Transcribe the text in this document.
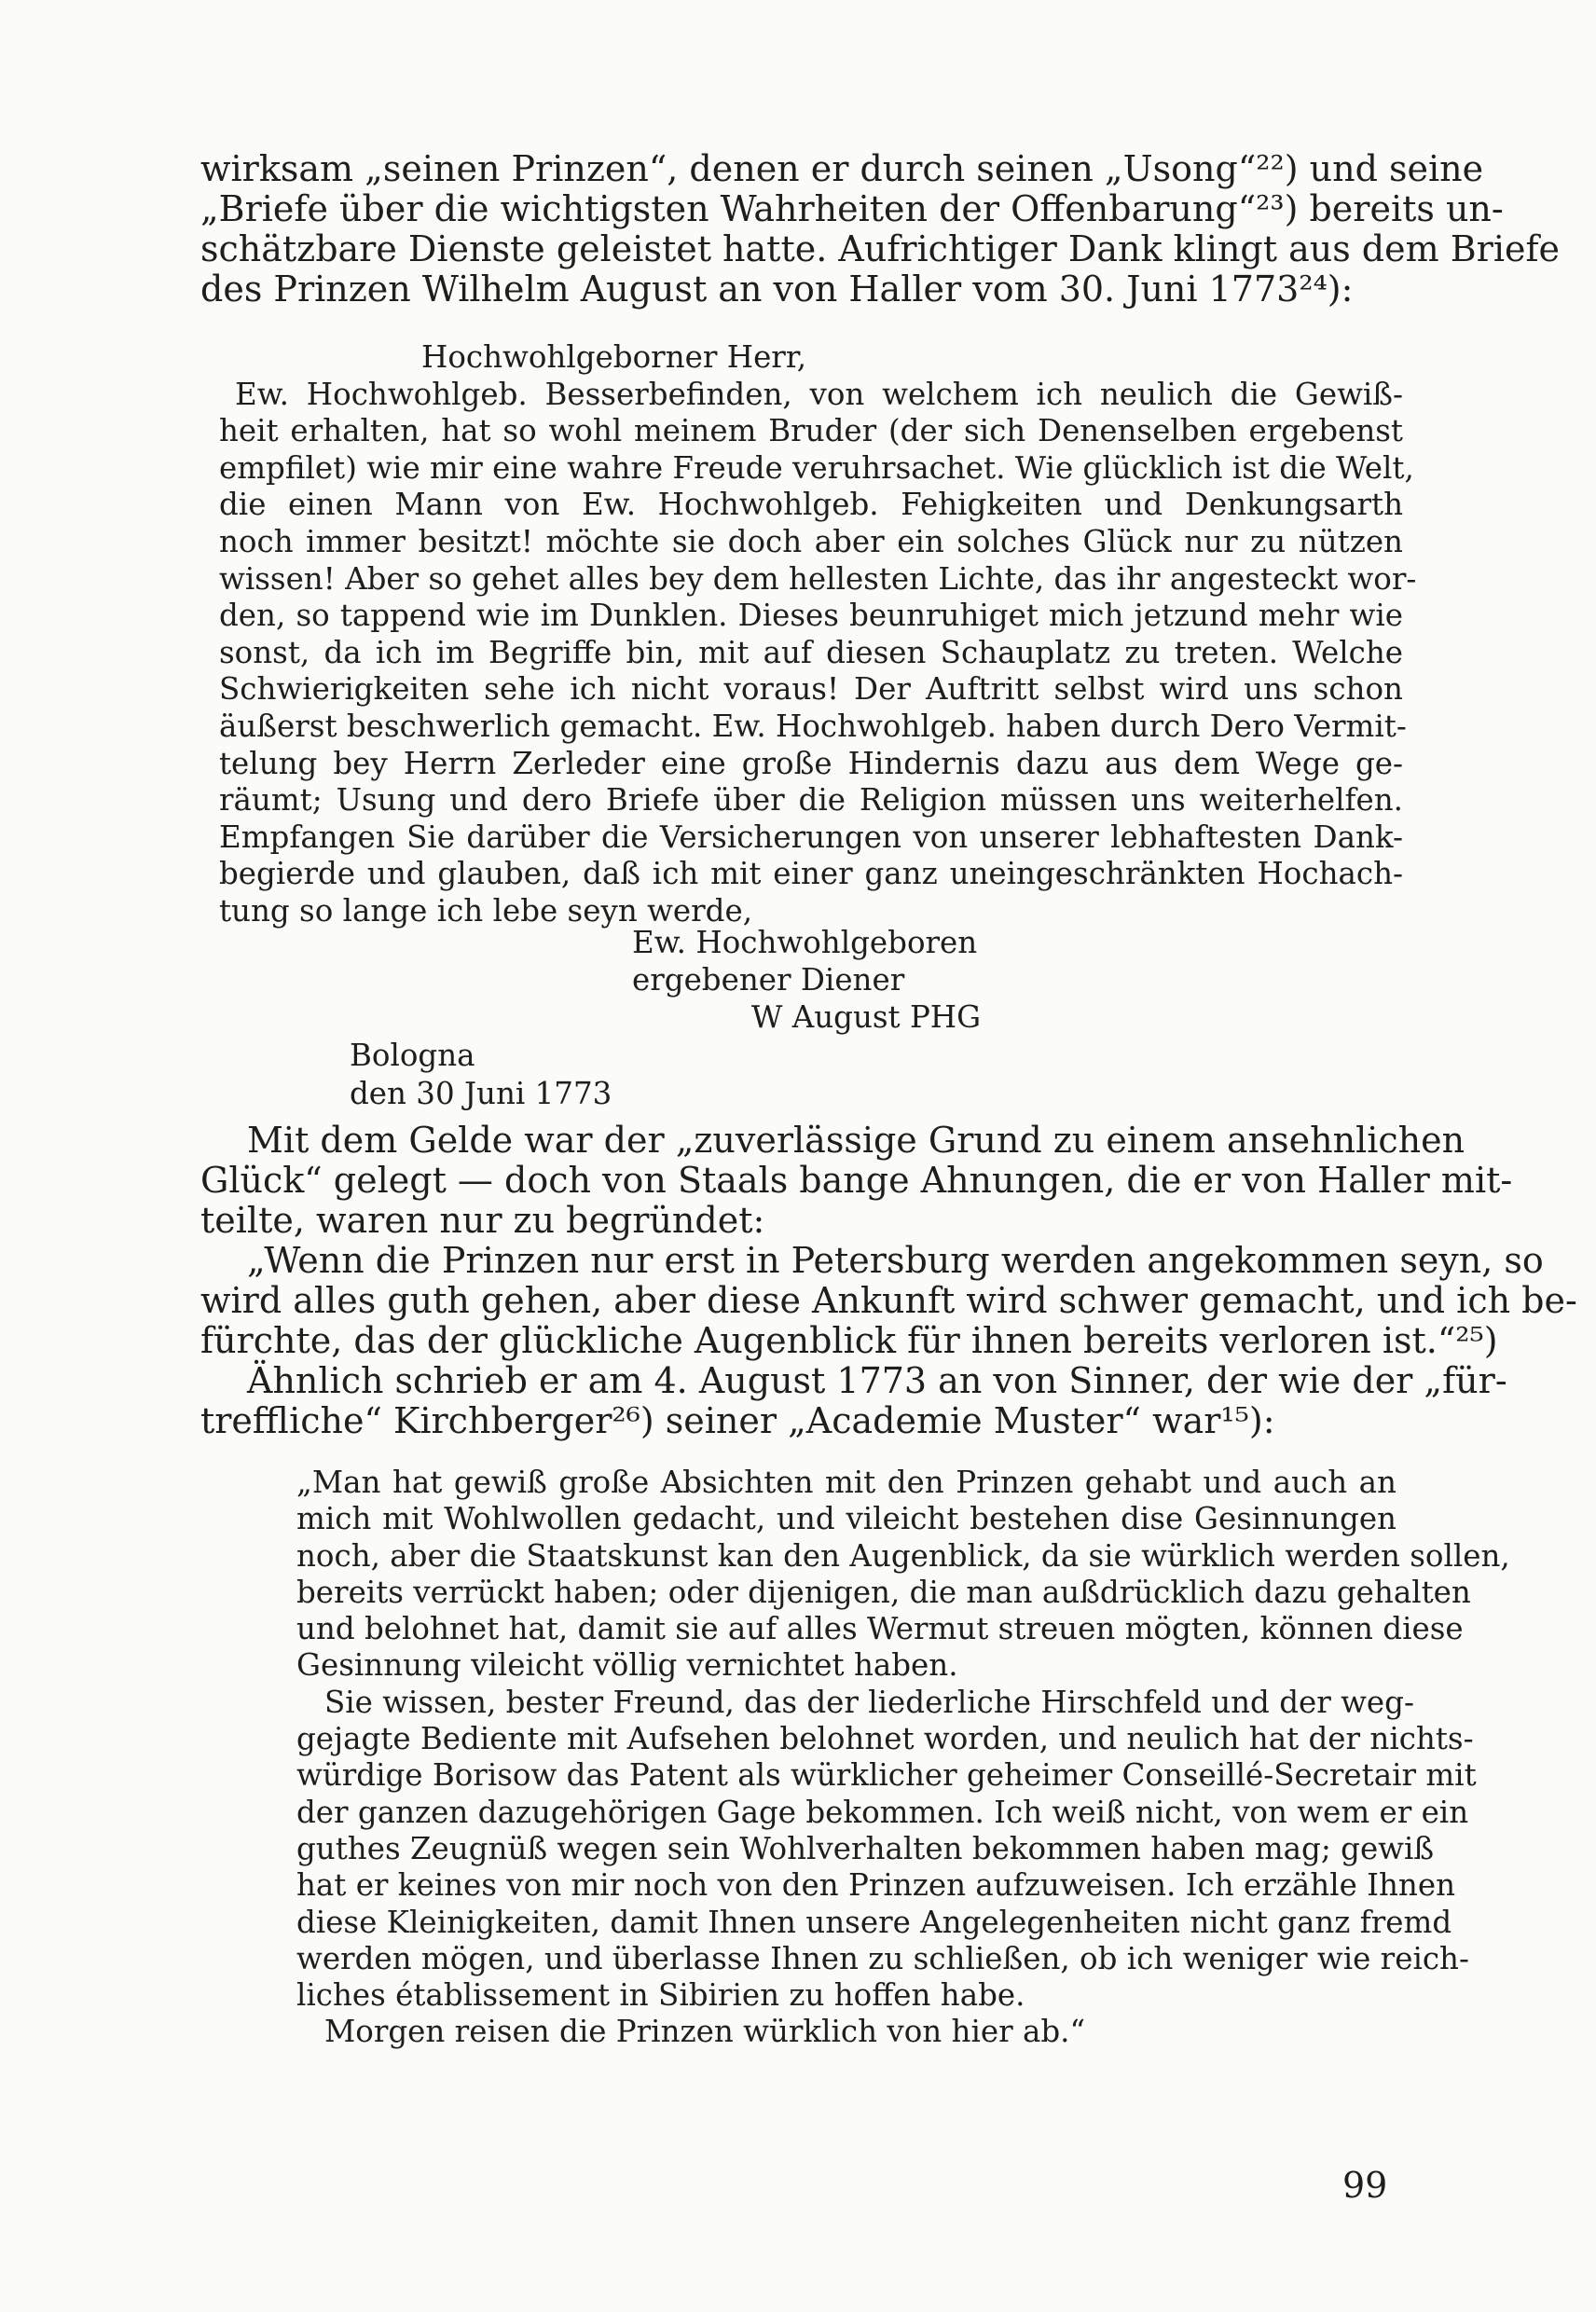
wirksam „seinen Prinzen“, denen er durch seinen „Usong“²²) und seine
„Briefe über die wichtigsten Wahrheiten der Offenbarung“²³) bereits un-
schätzbare Dienste geleistet hatte. Aufrichtiger Dank klingt aus dem Briefe
des Prinzen Wilhelm August an von Haller vom 30. Juni 1773²⁴):
Hochwohlgeborner Herr,
Ew. Hochwohlgeb. Besserbefinden, von welchem ich neulich die Gewiß-
heit erhalten, hat so wohl meinem Bruder (der sich Denenselben ergebenst
empfilet) wie mir eine wahre Freude veruhrsachet. Wie glücklich ist die Welt,
die einen Mann von Ew. Hochwohlgeb. Fehigkeiten und Denkungsarth
noch immer besitzt! möchte sie doch aber ein solches Glück nur zu nützen
wissen! Aber so gehet alles bey dem hellesten Lichte, das ihr angesteckt wor-
den, so tappend wie im Dunklen. Dieses beunruhiget mich jetzund mehr wie
sonst, da ich im Begriffe bin, mit auf diesen Schauplatz zu treten. Welche
Schwierigkeiten sehe ich nicht voraus! Der Auftritt selbst wird uns schon
äußerst beschwerlich gemacht. Ew. Hochwohlgeb. haben durch Dero Vermit-
telung bey Herrn Zerleder eine große Hindernis dazu aus dem Wege ge-
räumt; Usung und dero Briefe über die Religion müssen uns weiterhelfen.
Empfangen Sie darüber die Versicherungen von unserer lebhaftesten Dank-
begierde und glauben, daß ich mit einer ganz uneingeschränkten Hochach-
tung so lange ich lebe seyn werde,
Ew. Hochwohlgeboren
ergebener Diener
W August PHG
Bologna
den 30 Juni 1773
Mit dem Gelde war der „zuverlässige Grund zu einem ansehnlichen
Glück“ gelegt — doch von Staals bange Ahnungen, die er von Haller mit-
teilte, waren nur zu begründet:
„Wenn die Prinzen nur erst in Petersburg werden angekommen seyn, so
wird alles guth gehen, aber diese Ankunft wird schwer gemacht, und ich be-
fürchte, das der glückliche Augenblick für ihnen bereits verloren ist.“²⁵)
Ähnlich schrieb er am 4. August 1773 an von Sinner, der wie der „für-
treffliche“ Kirchberger²⁶) seiner „Academie Muster“ war¹⁵):
„Man hat gewiß große Absichten mit den Prinzen gehabt und auch an
mich mit Wohlwollen gedacht, und vileicht bestehen dise Gesinnungen
noch, aber die Staatskunst kan den Augenblick, da sie würklich werden sollen,
bereits verrückt haben; oder dijenigen, die man außdrücklich dazu gehalten
und belohnet hat, damit sie auf alles Wermut streuen mögten, können diese
Gesinnung vileicht völlig vernichtet haben.
Sie wissen, bester Freund, das der liederliche Hirschfeld und der weg-
gejagte Bediente mit Aufsehen belohnet worden, und neulich hat der nichts-
würdige Borisow das Patent als würklicher geheimer Conseillé-Secretair mit
der ganzen dazugehörigen Gage bekommen. Ich weiß nicht, von wem er ein
guthes Zeugnüß wegen sein Wohlverhalten bekommen haben mag; gewiß
hat er keines von mir noch von den Prinzen aufzuweisen. Ich erzähle Ihnen
diese Kleinigkeiten, damit Ihnen unsere Angelegenheiten nicht ganz fremd
werden mögen, und überlasse Ihnen zu schließen, ob ich weniger wie reich-
liches établissement in Sibirien zu hoffen habe.
Morgen reisen die Prinzen würklich von hier ab.“
99
